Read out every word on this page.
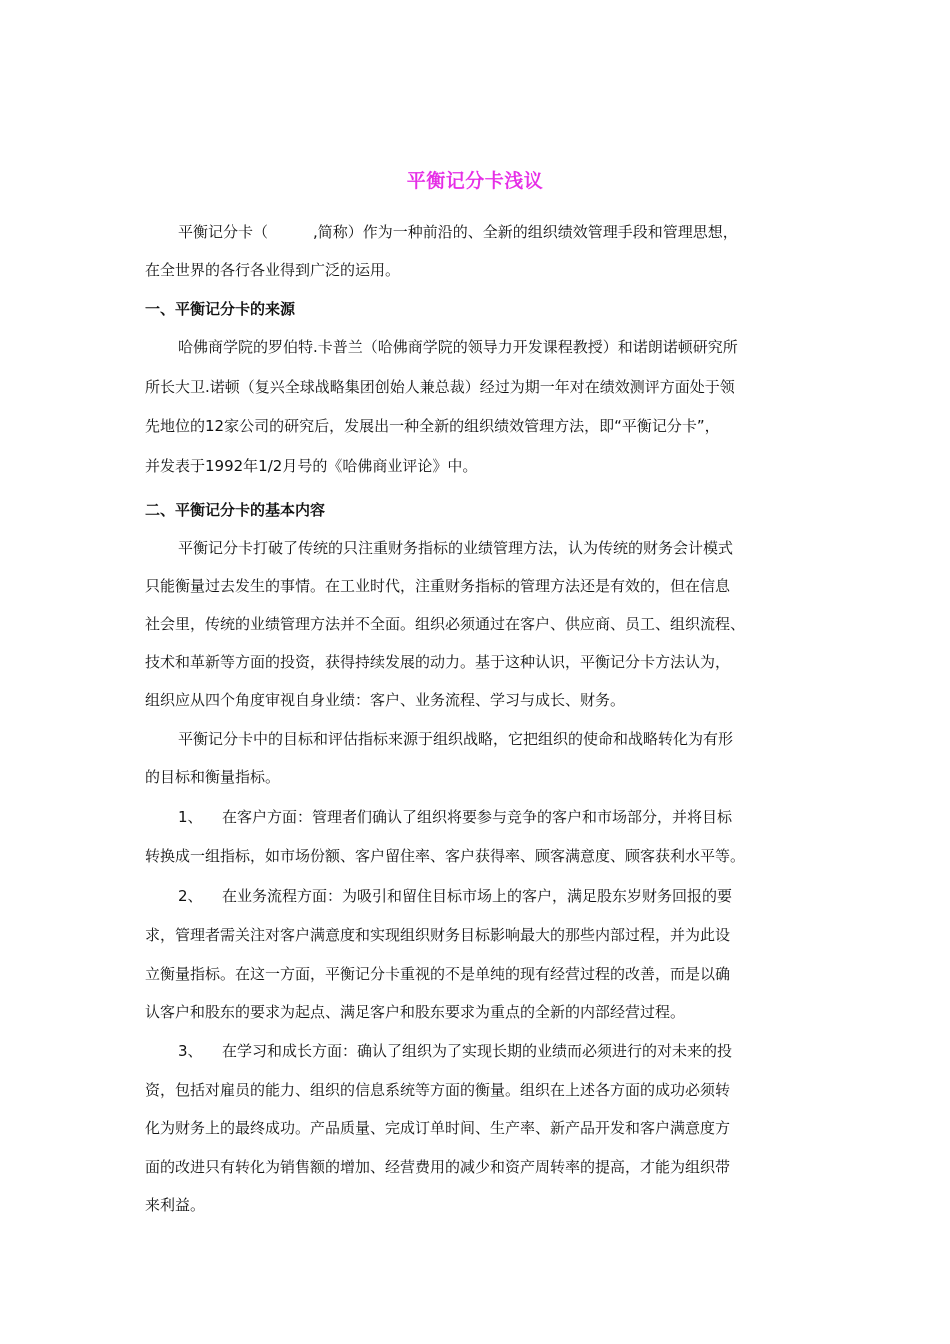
平衡记分卡浅议
平衡记分卡（　　　,简称）作为一种前沿的、全新的组织绩效管理手段和管理思想，
在全世界的各行各业得到广泛的运用。
一、平衡记分卡的来源
哈佛商学院的罗伯特.卡普兰（哈佛商学院的领导力开发课程教授）和诺朗诺顿研究所
所长大卫.诺顿（复兴全球战略集团创始人兼总裁）经过为期一年对在绩效测评方面处于领
先地位的12家公司的研究后，发展出一种全新的组织绩效管理方法，即“平衡记分卡”，
并发表于1992年1/2月号的《哈佛商业评论》中。
二、平衡记分卡的基本内容
平衡记分卡打破了传统的只注重财务指标的业绩管理方法，认为传统的财务会计模式
只能衡量过去发生的事情。在工业时代，注重财务指标的管理方法还是有效的，但在信息
社会里，传统的业绩管理方法并不全面。组织必须通过在客户、供应商、员工、组织流程、
技术和革新等方面的投资，获得持续发展的动力。基于这种认识，平衡记分卡方法认为，
组织应从四个角度审视自身业绩：客户、业务流程、学习与成长、财务。
平衡记分卡中的目标和评估指标来源于组织战略，它把组织的使命和战略转化为有形
的目标和衡量指标。
1、 在客户方面：管理者们确认了组织将要参与竞争的客户和市场部分，并将目标
转换成一组指标，如市场份额、客户留住率、客户获得率、顾客满意度、顾客获利水平等。
2、 在业务流程方面：为吸引和留住目标市场上的客户，满足股东岁财务回报的要
求，管理者需关注对客户满意度和实现组织财务目标影响最大的那些内部过程，并为此设
立衡量指标。在这一方面，平衡记分卡重视的不是单纯的现有经营过程的改善，而是以确
认客户和股东的要求为起点、满足客户和股东要求为重点的全新的内部经营过程。
3、 在学习和成长方面：确认了组织为了实现长期的业绩而必须进行的对未来的投
资，包括对雇员的能力、组织的信息系统等方面的衡量。组织在上述各方面的成功必须转
化为财务上的最终成功。产品质量、完成订单时间、生产率、新产品开发和客户满意度方
面的改进只有转化为销售额的增加、经营费用的减少和资产周转率的提高，才能为组织带
来利益。
